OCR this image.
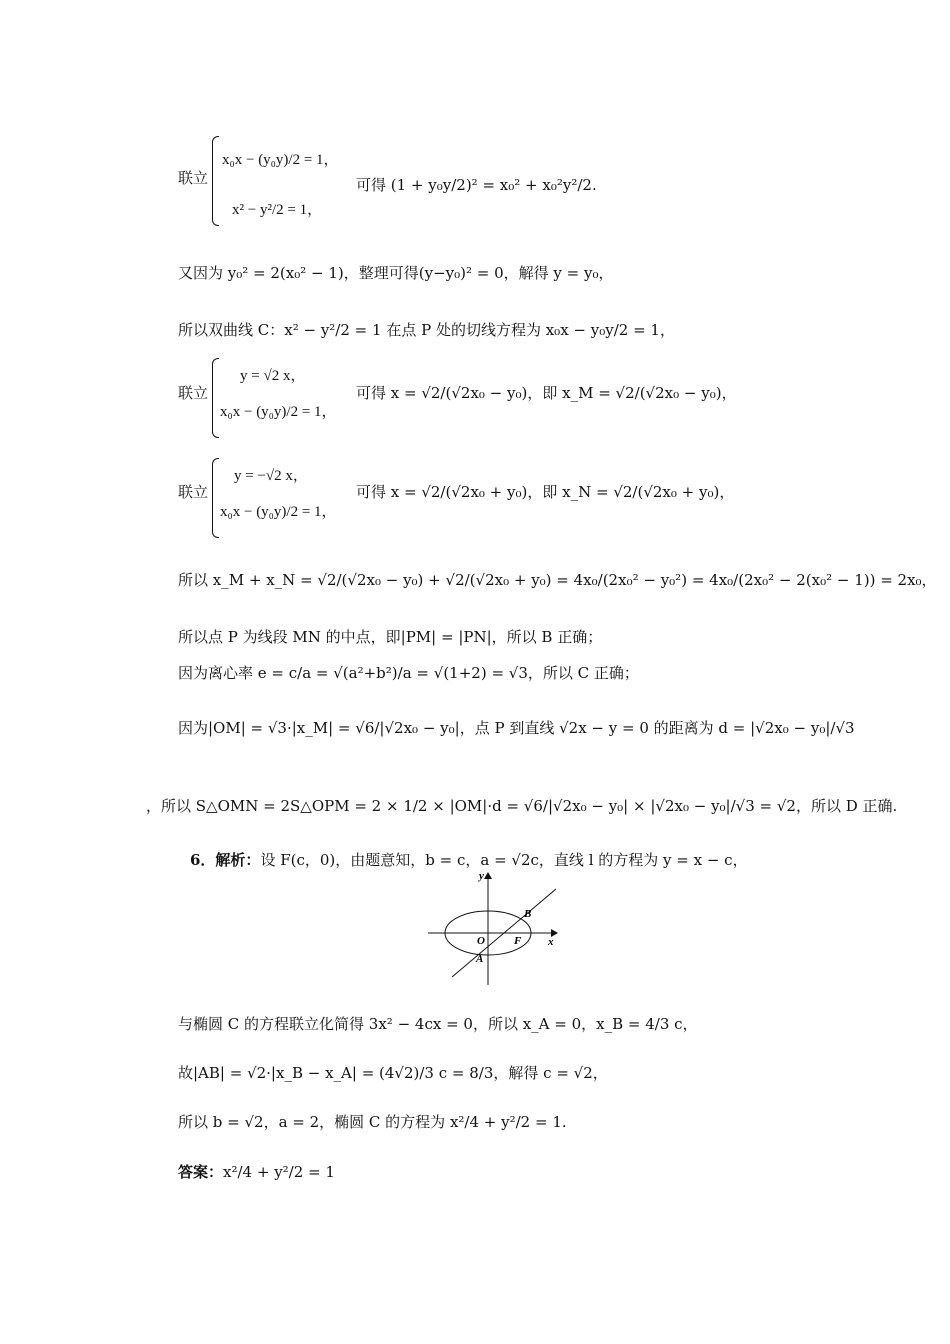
联立
x₀x − (y₀y)/2 = 1，
x² − y²/2 = 1，
可得 (1 + y₀y/2)² = x₀² + x₀²y²/2.
又因为 y₀² = 2(x₀² − 1)，整理可得(y−y₀)² = 0，解得 y = y₀，
所以双曲线 C：x² − y²/2 = 1 在点 P 处的切线方程为 x₀x − y₀y/2 = 1，
联立
y = √2 x，
x₀x − (y₀y)/2 = 1，
可得 x = √2/(√2x₀ − y₀)，即 x_M = √2/(√2x₀ − y₀)，
联立
y = −√2 x，
x₀x − (y₀y)/2 = 1，
可得 x = √2/(√2x₀ + y₀)，即 x_N = √2/(√2x₀ + y₀)，
所以 x_M + x_N = √2/(√2x₀ − y₀) + √2/(√2x₀ + y₀) = 4x₀/(2x₀² − y₀²) = 4x₀/(2x₀² − 2(x₀² − 1)) = 2x₀，
所以点 P 为线段 MN 的中点，即|PM| = |PN|，所以 B 正确；
因为离心率 e = c/a = √(a²+b²)/a = √(1+2) = √3，所以 C 正确；
因为|OM| = √3·|x_M| = √6/|√2x₀ − y₀|，点 P 到直线 √2x − y = 0 的距离为 d = |√2x₀ − y₀|/√3
，所以 S△OMN = 2S△OPM = 2 × 1/2 × |OM|·d = √6/|√2x₀ − y₀| × |√2x₀ − y₀|/√3 = √2，所以 D 正确.
6．解析：设 F(c，0)，由题意知，b = c，a = √2c，直线 l 的方程为 y = x − c，
y
x
O	F
B
A
与椭圆 C 的方程联立化简得 3x² − 4cx = 0，所以 x_A = 0，x_B = 4/3 c，
故|AB| = √2·|x_B − x_A| = (4√2)/3 c = 8/3，解得 c = √2，
所以 b = √2，a = 2，椭圆 C 的方程为 x²/4 + y²/2 = 1.
答案：x²/4 + y²/2 = 1
